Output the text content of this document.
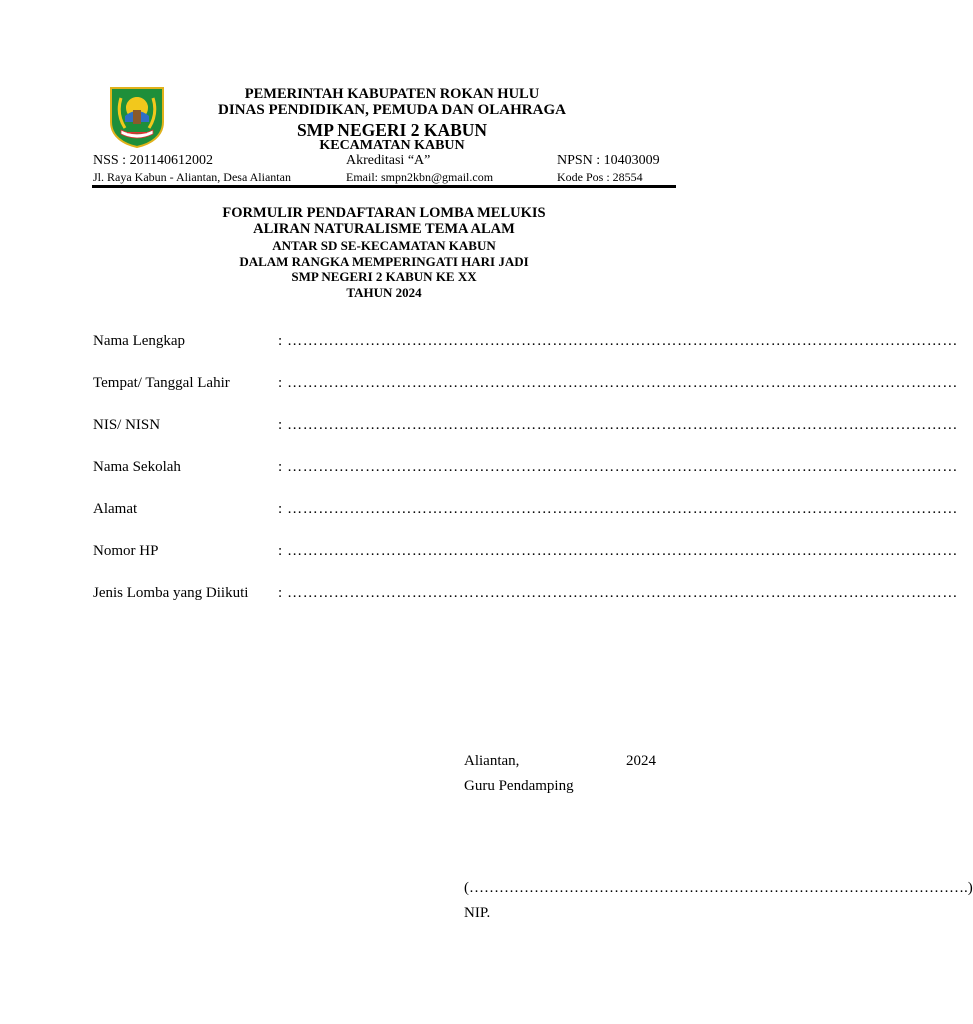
PEMERINTAH KABUPATEN ROKAN HULU
DINAS PENDIDIKAN, PEMUDA DAN OLAHRAGA
SMP NEGERI 2 KABUN
KECAMATAN KABUN
NSS : 201140612002	Akreditasi “A”	NPSN : 10403009
Jl. Raya Kabun - Aliantan, Desa Aliantan	Email: smpn2kbn@gmail.com	Kode Pos : 28554
FORMULIR PENDAFTARAN LOMBA MELUKIS
ALIRAN NATURALISME TEMA ALAM
ANTAR SD SE-KECAMATAN KABUN
DALAM RANGKA MEMPERINGATI HARI JADI
SMP NEGERI 2 KABUN KE XX
TAHUN 2024
Nama Lengkap	: …………………………………………………………………………………………………………………
Tempat/ Tanggal Lahir	: …………………………………………………………………………………………………………………
NIS/ NISN	: …………………………………………………………………………………………………………………
Nama Sekolah	: …………………………………………………………………………………………………………………
Alamat	: …………………………………………………………………………………………………………………
Nomor HP	: …………………………………………………………………………………………………………………
Jenis Lomba yang Diikuti : …………………………………………………………………………………………………………………
Aliantan,	2024
Guru Pendamping
(……………………………………………………………………………………….)
NIP.
